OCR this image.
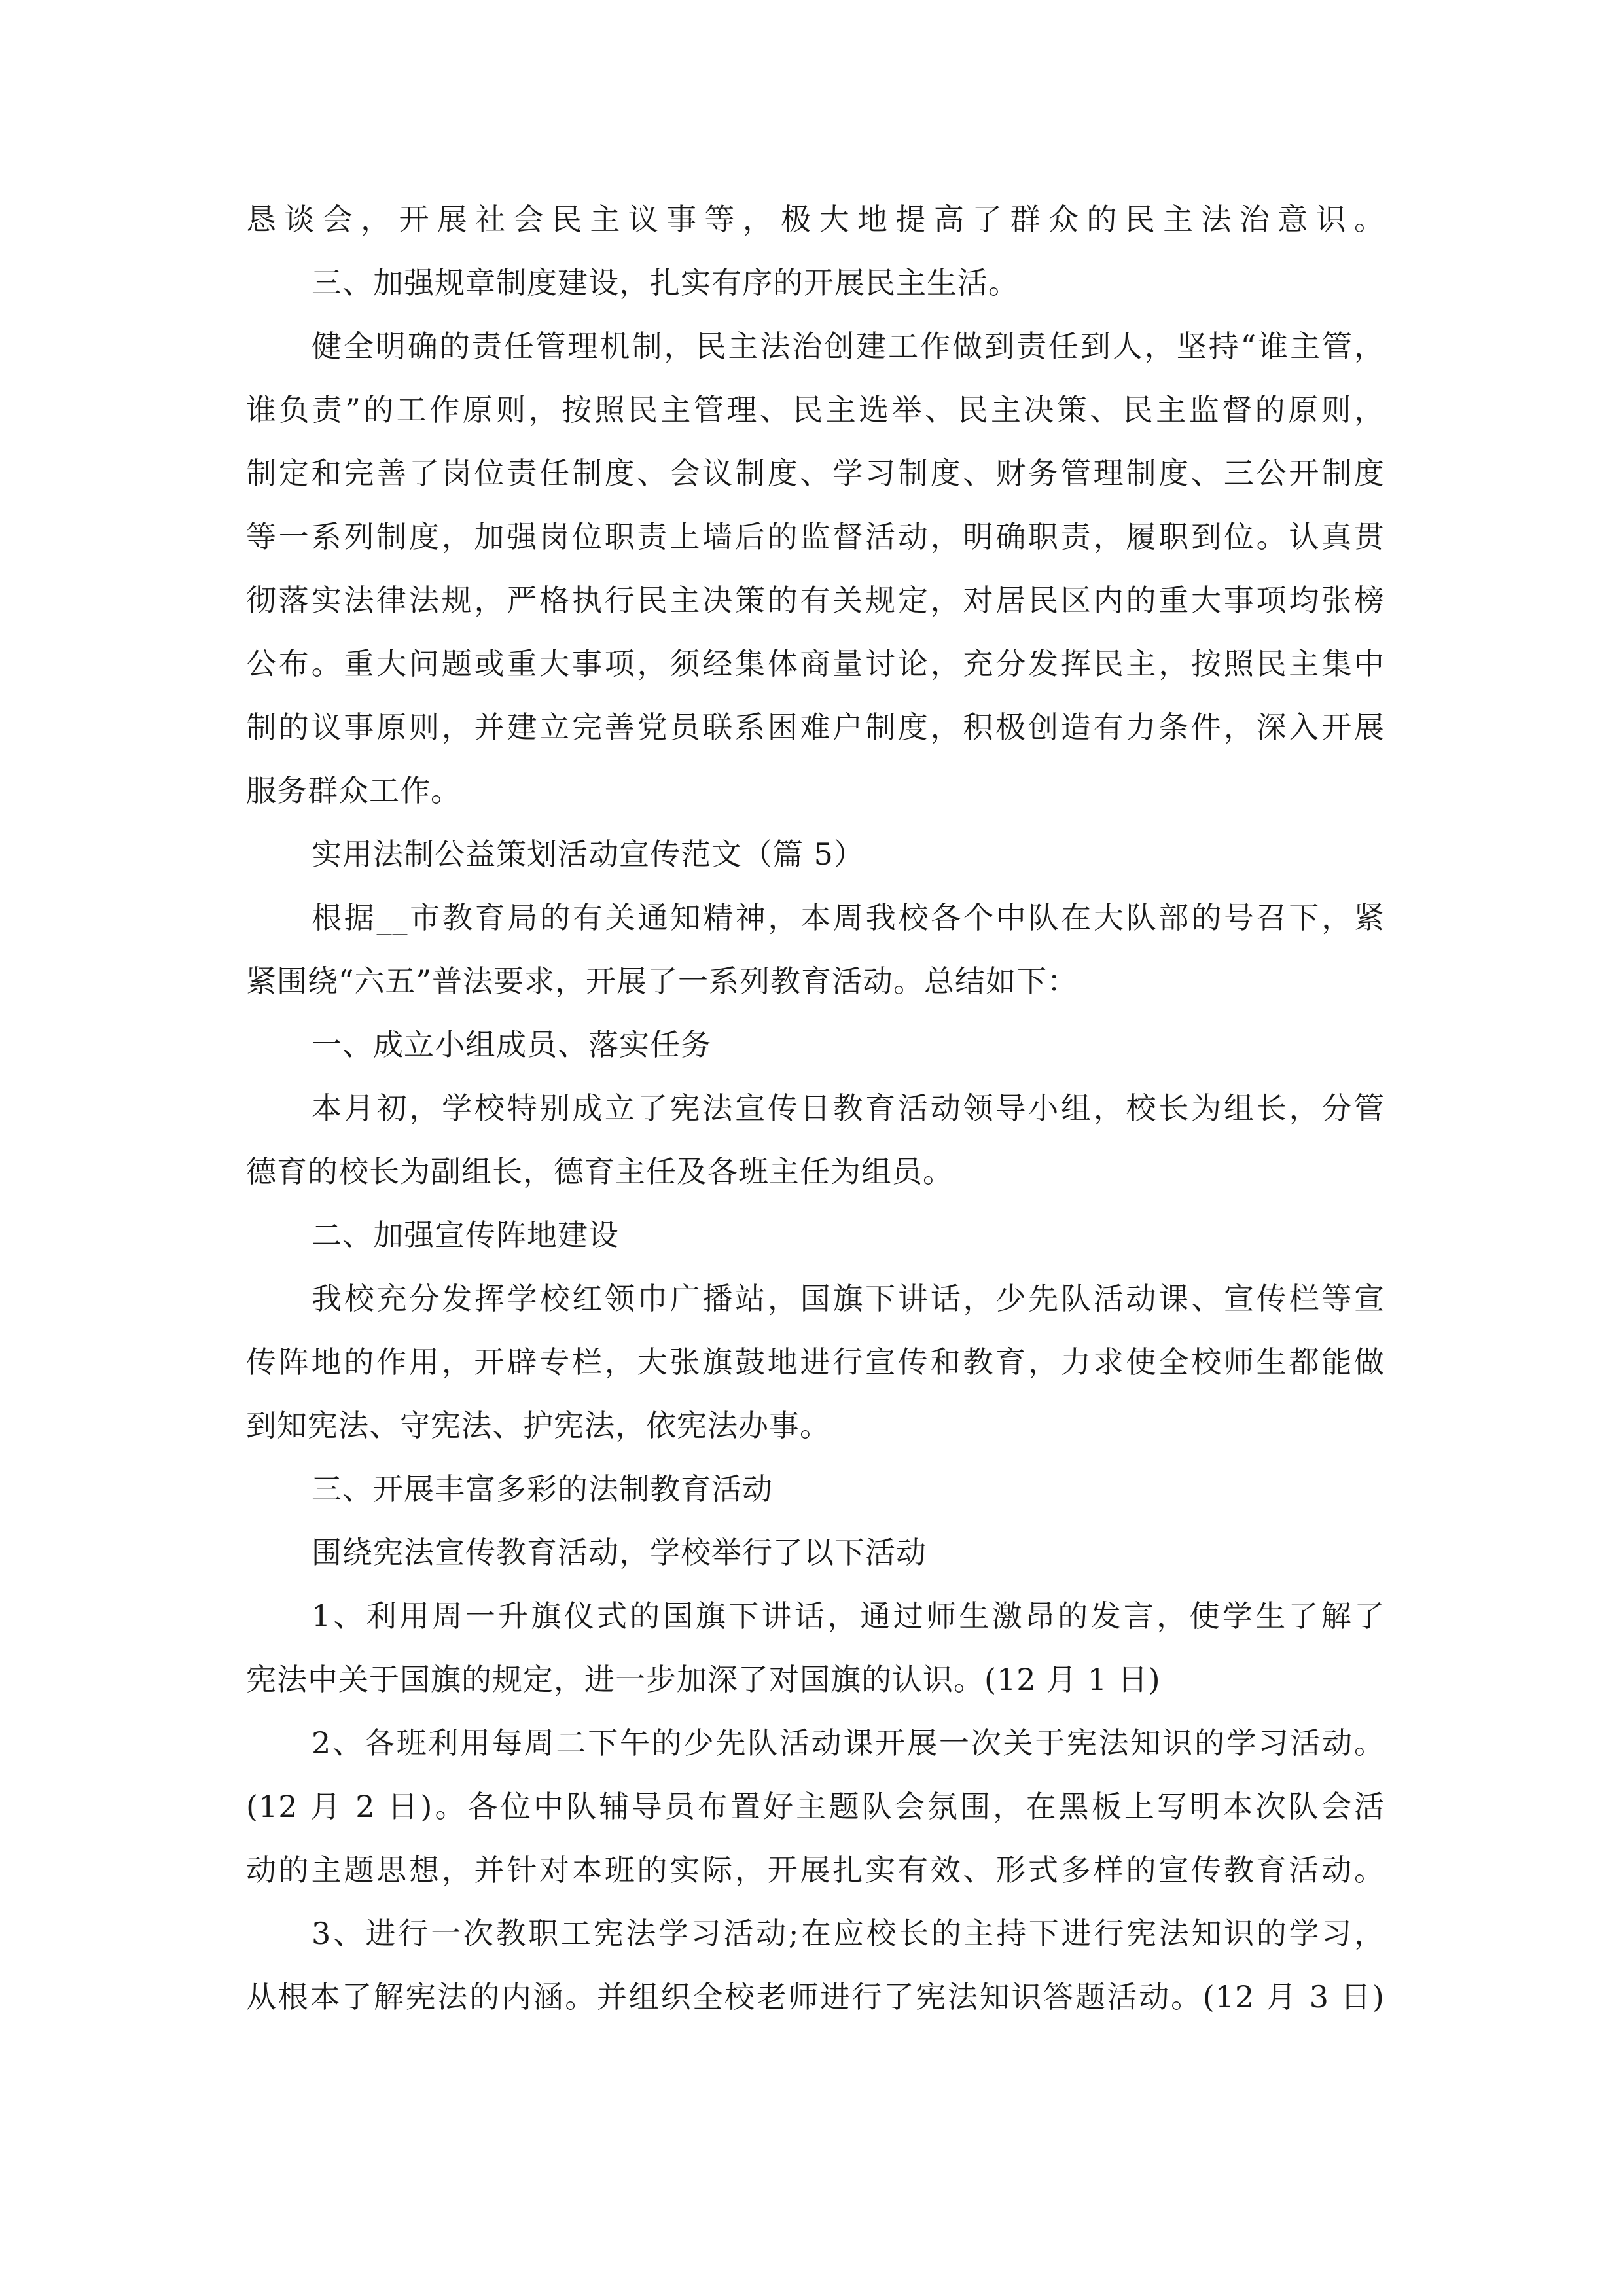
恳谈会，开展社会民主议事等，极大地提高了群众的民主法治意识。
三、加强规章制度建设，扎实有序的开展民主生活。
健全明确的责任管理机制，民主法治创建工作做到责任到人，坚持“谁主管，
谁负责”的工作原则，按照民主管理、民主选举、民主决策、民主监督的原则，
制定和完善了岗位责任制度、会议制度、学习制度、财务管理制度、三公开制度
等一系列制度，加强岗位职责上墙后的监督活动，明确职责，履职到位。认真贯
彻落实法律法规，严格执行民主决策的有关规定，对居民区内的重大事项均张榜
公布。重大问题或重大事项，须经集体商量讨论，充分发挥民主，按照民主集中
制的议事原则，并建立完善党员联系困难户制度，积极创造有力条件，深入开展
服务群众工作。
实用法制公益策划活动宣传范文（篇 5）
根据__市教育局的有关通知精神，本周我校各个中队在大队部的号召下，紧
紧围绕“六五”普法要求，开展了一系列教育活动。总结如下：
一、成立小组成员、落实任务
本月初，学校特别成立了宪法宣传日教育活动领导小组，校长为组长，分管
德育的校长为副组长，德育主任及各班主任为组员。
二、加强宣传阵地建设
我校充分发挥学校红领巾广播站，国旗下讲话，少先队活动课、宣传栏等宣
传阵地的作用，开辟专栏，大张旗鼓地进行宣传和教育，力求使全校师生都能做
到知宪法、守宪法、护宪法，依宪法办事。
三、开展丰富多彩的法制教育活动
围绕宪法宣传教育活动，学校举行了以下活动
1、利用周一升旗仪式的国旗下讲话，通过师生激昂的发言，使学生了解了
宪法中关于国旗的规定，进一步加深了对国旗的认识。(12 月 1 日)
2、各班利用每周二下午的少先队活动课开展一次关于宪法知识的学习活动。
(12 月 2 日)。各位中队辅导员布置好主题队会氛围，在黑板上写明本次队会活
动的主题思想，并针对本班的实际，开展扎实有效、形式多样的宣传教育活动。
3、进行一次教职工宪法学习活动;在应校长的主持下进行宪法知识的学习，
从根本了解宪法的内涵。并组织全校老师进行了宪法知识答题活动。(12 月 3 日)
